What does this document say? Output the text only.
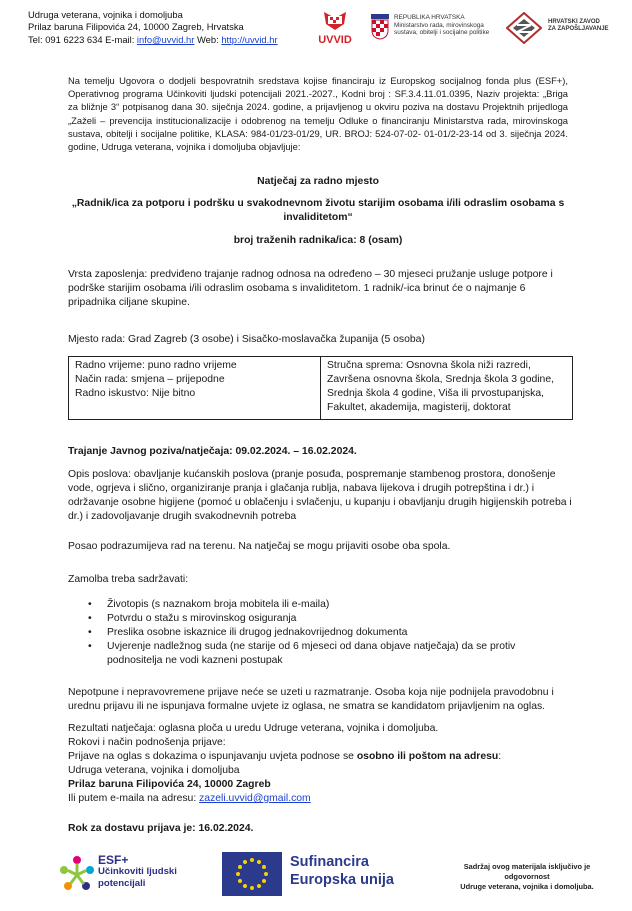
Udruga veterana, vojnika i domoljuba
Prilaz baruna Filipovića 24, 10000 Zagreb, Hrvatska
Tel: 091 6223 634 E-mail: info@uvvid.hr Web: http://uvvid.hr	UVVID
REPUBLIKA HRVATSKA
Ministarstvo rada, mirovinskoga
sustava, obitelji i socijalne politike
HRVATSKI ZAVOD
ZA ZAPOŠLJAVANJE
Na temelju Ugovora o dodjeli bespovratnih sredstava kojise financiraju iz Europskog socijalnog fonda plus (ESF+), Operativnog programa Učinkoviti ljudski potencijali 2021.-2027., Kodni broj : SF.3.4.11.01.0395, Naziv projekta: „Briga za bližnje 3“ potpisanog dana 30. siječnja 2024. godine, a prijavljenog u okviru poziva na dostavu Projektnih prijedloga „Zaželi – prevencija institucionalizacije i odobrenog na temelju Odluke o financiranju Ministarstva rada, mirovinskoga sustava, obitelji i socijalne politike, KLASA: 984-01/23-01/29, UR. BROJ: 524-07-02- 01-01/2-23-14 od 3. siječnja 2024. godine, Udruga veterana, vojnika i domoljuba objavljuje:
Natječaj za radno mjesto
„Radnik/ica za potporu i podršku u svakodnevnom životu starijim osobama i/ili odraslim osobama s invaliditetom“
broj traženih radnika/ica: 8 (osam)
Vrsta zaposlenja: predviđeno trajanje radnog odnosa na određeno – 30 mjeseci pružanje usluge potpore i podrške starijim osobama i/ili odraslim osobama s invaliditetom. 1 radnik/-ica brinut će o najmanje 6 pripadnika ciljane skupine.
Mjesto rada: Grad Zagreb (3 osobe) i Sisačko-moslavačka županija (5 osoba)
Radno vrijeme: puno radno vrijeme
Način rada: smjena – prijepodne
Radno iskustvo: Nije bitno
Stručna sprema: Osnovna škola niži razredi, Završena osnovna škola, Srednja škola 3 godine, Srednja škola 4 godine, Viša ili prvostupanjska, Fakultet, akademija, magisterij, doktorat
Trajanje Javnog poziva/natječaja: 09.02.2024. – 16.02.2024.
Opis poslova: obavljanje kućanskih poslova (pranje posuđa, pospremanje stambenog prostora, donošenje vode, ogrjeva i slično, organiziranje pranja i glačanja rublja, nabava lijekova i drugih potrepština i dr.) i održavanje osobne higijene (pomoć u oblačenju i svlačenju, u kupanju i obavljanju drugih higijenskih potreba i dr.) i zadovoljavanje drugih svakodnevnih potreba
Posao podrazumijeva rad na terenu. Na natječaj se mogu prijaviti osobe oba spola.
Zamolba treba sadržavati:
• Životopis (s naznakom broja mobitela ili e-maila)
• Potvrdu o stažu s mirovinskog osiguranja
• Preslika osobne iskaznice ili drugog jednakovrijednog dokumenta
• Uvjerenje nadležnog suda (ne starije od 6 mjeseci od dana objave natječaja) da se protiv podnositelja ne vodi kazneni postupak
Nepotpune i nepravovremene prijave neće se uzeti u razmatranje. Osoba koja nije podnijela pravodobnu i urednu prijavu ili ne ispunjava formalne uvjete iz oglasa, ne smatra se kandidatom prijavljenim na oglas.
Rezultati natječaja: oglasna ploča u uredu Udruge veterana, vojnika i domoljuba.
Rokovi i način podnošenja prijave:
Prijave na oglas s dokazima o ispunjavanju uvjeta podnose se osobno ili poštom na adresu:
Udruga veterana, vojnika i domoljuba
Prilaz baruna Filipovića 24, 10000 Zagreb
Ili putem e-maila na adresu: zazeli.uvvid@gmail.com
Rok za dostavu prijava je: 16.02.2024.
ESF+
Učinkoviti ljudski
potencijali
Sufinancira
Europska unija
Sadržaj ovog materijala isključivo je
odgovornost
Udruge veterana, vojnika i domoljuba.
